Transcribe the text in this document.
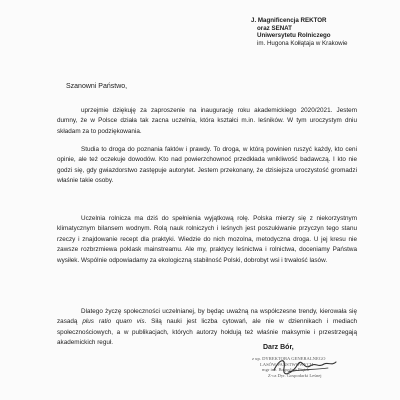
J. Magnificencja REKTOR
oraz SENAT
Uniwersytetu Rolniczego
im. Hugona Kołłątaja w Krakowie
Szanowni Państwo,
uprzejmie dziękuję za zaproszenie na inaugurację roku akademickiego 2020/2021. Jestem dumny, że w Polsce działa tak zacna uczelnia, która kształci m.in. leśników. W tym uroczystym dniu składam za to podziękowania.
Studia to droga do poznania faktów i prawdy. To droga, w którą powinien ruszyć każdy, kto ceni opinie, ale też oczekuje dowodów. Kto nad powierzchownoć przedkłada wnikliwość badawczą. I kto nie godzi się, gdy gwiazdorstwo zastępuje autorytet. Jestem przekonany, że dzisiejsza uroczystość gromadzi właśnie takie osoby.
Uczelnia rolnicza ma dziś do spełnienia wyjątkową rolę. Polska mierzy się z niekorzystnym klimatycznym bilansem wodnym. Rolą nauk rolniczych i leśnych jest poszukiwanie przyczyn tego stanu rzeczy i znajdowanie recept dla praktyki. Wiedzie do nich mozolna, metodyczna droga. U jej kresu nie zawsze rozbrzmiewa poklask mainstreamu. Ale my, praktycy leśnictwa i rolnictwa, doceniamy Państwa wysiłek. Wspólnie odpowiadamy za ekologiczną stabilność Polski, dobrobyt wsi i trwałość lasów.
Dlatego życzę społeczności uczelnianej, by będąc uważną na współczesne trendy, kierowała się zasadą plus ratio quam vis. Siłą nauki jest liczba cytowań, ale nie w dziennikach i mediach społecznościowych, a w publikacjach, których autorzy hołdują też właśnie maksymie i przestrzegają akademickich reguł.
Darz Bór,
z up. DYREKTORA GENERALNEGO
LASÓW PAŃSTWOWYCH
mgr inż. Bogusław Piątek
Z-ca Dyr. Gospodarki Leśnej
